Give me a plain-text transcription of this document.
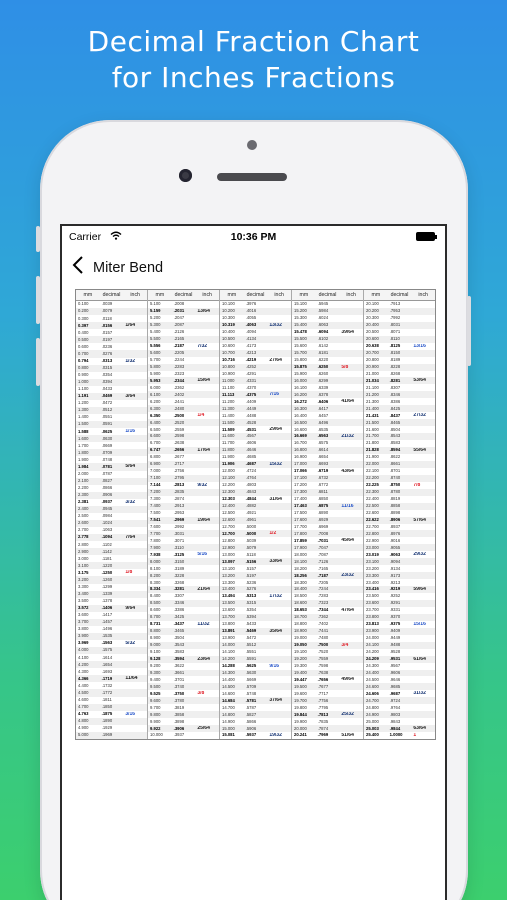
Decimal Fraction Chart
for Inches Fractions
Carrier	10:36 PM
Miter Bend
mm	decimal	inch
0.100	.0039
0.200	.0079
0.300	.0118
0.397	.0156	1/64
0.400	.0157
0.500	.0197
0.600	.0236
0.700	.0276
0.794	.0313	1/32
0.800	.0315
0.900	.0354
1.000	.0394
1.100	.0433
1.191	.0469	3/64
1.200	.0472
1.300	.0512
1.400	.0551
1.500	.0591
1.588	.0625	1/16
1.600	.0630
1.700	.0669
1.800	.0709
1.900	.0748
1.984	.0781	5/64
2.000	.0787
2.100	.0827
2.200	.0866
2.300	.0906
2.381	.0937	3/32
2.400	.0945
2.500	.0984
2.600	.1024
2.700	.1063
2.778	.1094	7/64
2.800	.1102
2.900	.1142
3.000	.1181
3.100	.1220
3.175	.1250	1/8
3.200	.1260
3.300	.1299
3.400	.1339
3.500	.1378
3.572	.1406	9/64
3.600	.1417
3.700	.1457
3.800	.1496
3.900	.1535
3.969	.1563	5/32
4.000	.1575
4.100	.1614
4.200	.1654
4.300	.1693
4.366	.1719	11/64
4.400	.1732
4.500	.1772
4.600	.1811
4.700	.1850
4.763	.1875	3/16
4.800	.1890
4.900	.1929
5.000	.1969
mm	decimal	inch
5.100	.2008
5.159	.2031	13/64
5.200	.2047
5.300	.2087
5.400	.2126
5.500	.2165
5.556	.2187	7/32
5.600	.2205
5.700	.2244
5.800	.2283
5.900	.2323
5.953	.2344	15/64
6.000	.2362
6.100	.2402
6.200	.2441
6.300	.2480
6.350	.2500	1/4
6.400	.2520
6.500	.2559
6.600	.2598
6.700	.2638
6.747	.2656	17/64
6.800	.2677
6.900	.2717
7.000	.2756
7.100	.2795
7.144	.2813	9/32
7.200	.2835
7.300	.2874
7.400	.2913
7.500	.2953
7.541	.2969	19/64
7.600	.2992
7.700	.3031
7.800	.3071
7.900	.3110
7.938	.3125	5/16
8.000	.3150
8.100	.3189
8.200	.3228
8.300	.3268
8.334	.3281	21/64
8.400	.3307
8.500	.3346
8.600	.3386
8.700	.3425
8.731	.3437	11/32
8.800	.3465
8.900	.3504
9.000	.3543
9.100	.3583
9.128	.3594	23/64
9.200	.3622
9.300	.3661
9.400	.3701
9.500	.3740
9.525	.3750	3/8
9.600	.3780
9.700	.3819
9.800	.3858
9.900	.3898
9.922	.3906	25/64
10.000	.3937
mm	decimal	inch
10.100	.3976
10.200	.4016
10.300	.4055
10.319	.4063	13/32
10.400	.4094
10.500	.4134
10.600	.4173
10.700	.4213
10.716	.4219	27/64
10.800	.4252
10.900	.4291
11.000	.4331
11.100	.4370
11.113	.4375	7/16
11.200	.4409
11.300	.4449
11.400	.4488
11.500	.4528
11.509	.4531	29/64
11.600	.4567
11.700	.4606
11.800	.4646
11.900	.4685
11.906	.4687	15/32
12.000	.4724
12.100	.4764
12.200	.4803
12.300	.4843
12.303	.4844	31/64
12.400	.4882
12.500	.4921
12.600	.4961
12.700	.5000
12.700	.5000	1/2
12.800	.5039
12.900	.5079
13.000	.5118
13.097	.5156	33/64
13.100	.5157
13.200	.5197
13.300	.5236
13.400	.5276
13.494	.5313	17/32
13.500	.5315
13.600	.5354
13.700	.5394
13.800	.5433
13.891	.5469	35/64
13.900	.5472
14.000	.5512
14.100	.5551
14.200	.5591
14.288	.5625	9/16
14.300	.5630
14.400	.5669
14.500	.5709
14.600	.5748
14.684	.5781	37/64
14.700	.5787
14.800	.5827
14.900	.5866
15.000	.5906
15.081	.5937	19/32
mm	decimal	inch
15.100	.5945
15.200	.5984
15.300	.6024
15.400	.6063
15.478	.6094	39/64
15.500	.6102
15.600	.6142
15.700	.6181
15.800	.6220
15.875	.6250	5/8
15.900	.6260
16.000	.6299
16.100	.6339
16.200	.6378
16.272	.6406	41/64
16.300	.6417
16.400	.6457
16.500	.6496
16.600	.6535
16.669	.6563	21/32
16.700	.6575
16.800	.6614
16.900	.6654
17.000	.6693
17.066	.6719	43/64
17.100	.6732
17.200	.6772
17.300	.6811
17.400	.6850
17.463	.6875	11/16
17.500	.6890
17.600	.6929
17.700	.6969
17.800	.7008
17.859	.7031	45/64
17.900	.7047
18.000	.7087
18.100	.7126
18.200	.7165
18.256	.7187	23/32
18.300	.7205
18.400	.7244
18.500	.7283
18.600	.7323
18.653	.7344	47/64
18.700	.7362
18.800	.7402
18.900	.7441
19.000	.7480
19.050	.7500	3/4
19.100	.7520
19.200	.7559
19.300	.7598
19.400	.7638
19.447	.7656	49/64
19.500	.7677
19.600	.7717
19.700	.7756
19.800	.7795
19.844	.7813	25/32
19.900	.7835
20.000	.7874
20.241	.7969	51/64
mm	decimal	inch
20.100	.7913
20.200	.7953
20.300	.7992
20.400	.8031
20.500	.8071
20.600	.8110
20.638	.8125	13/16
20.700	.8150
20.800	.8189
20.900	.8228
21.000	.8268
21.034	.8281	53/64
21.100	.8307
21.200	.8346
21.300	.8386
21.400	.8425
21.431	.8437	27/32
21.500	.8465
21.600	.8504
21.700	.8543
21.800	.8583
21.828	.8594	55/64
21.900	.8622
22.000	.8661
22.100	.8701
22.200	.8740
22.225	.8750	7/8
22.300	.8780
22.400	.8819
22.500	.8858
22.600	.8898
22.622	.8906	57/64
22.700	.8937
22.800	.8976
22.900	.9016
23.000	.9055
23.019	.9063	29/32
23.100	.9094
23.200	.9134
23.300	.9173
23.400	.9213
23.416	.9219	59/64
23.500	.9252
23.600	.9291
23.700	.9331
23.800	.9370
23.813	.9375	15/16
23.900	.9409
24.000	.9449
24.100	.9488
24.200	.9528
24.209	.9531	61/64
24.300	.9567
24.400	.9606
24.500	.9646
24.600	.9685
24.606	.9687	31/32
24.700	.9724
24.800	.9764
24.900	.9803
25.000	.9843
25.003	.9844	63/64
25.400	1.0000	1
